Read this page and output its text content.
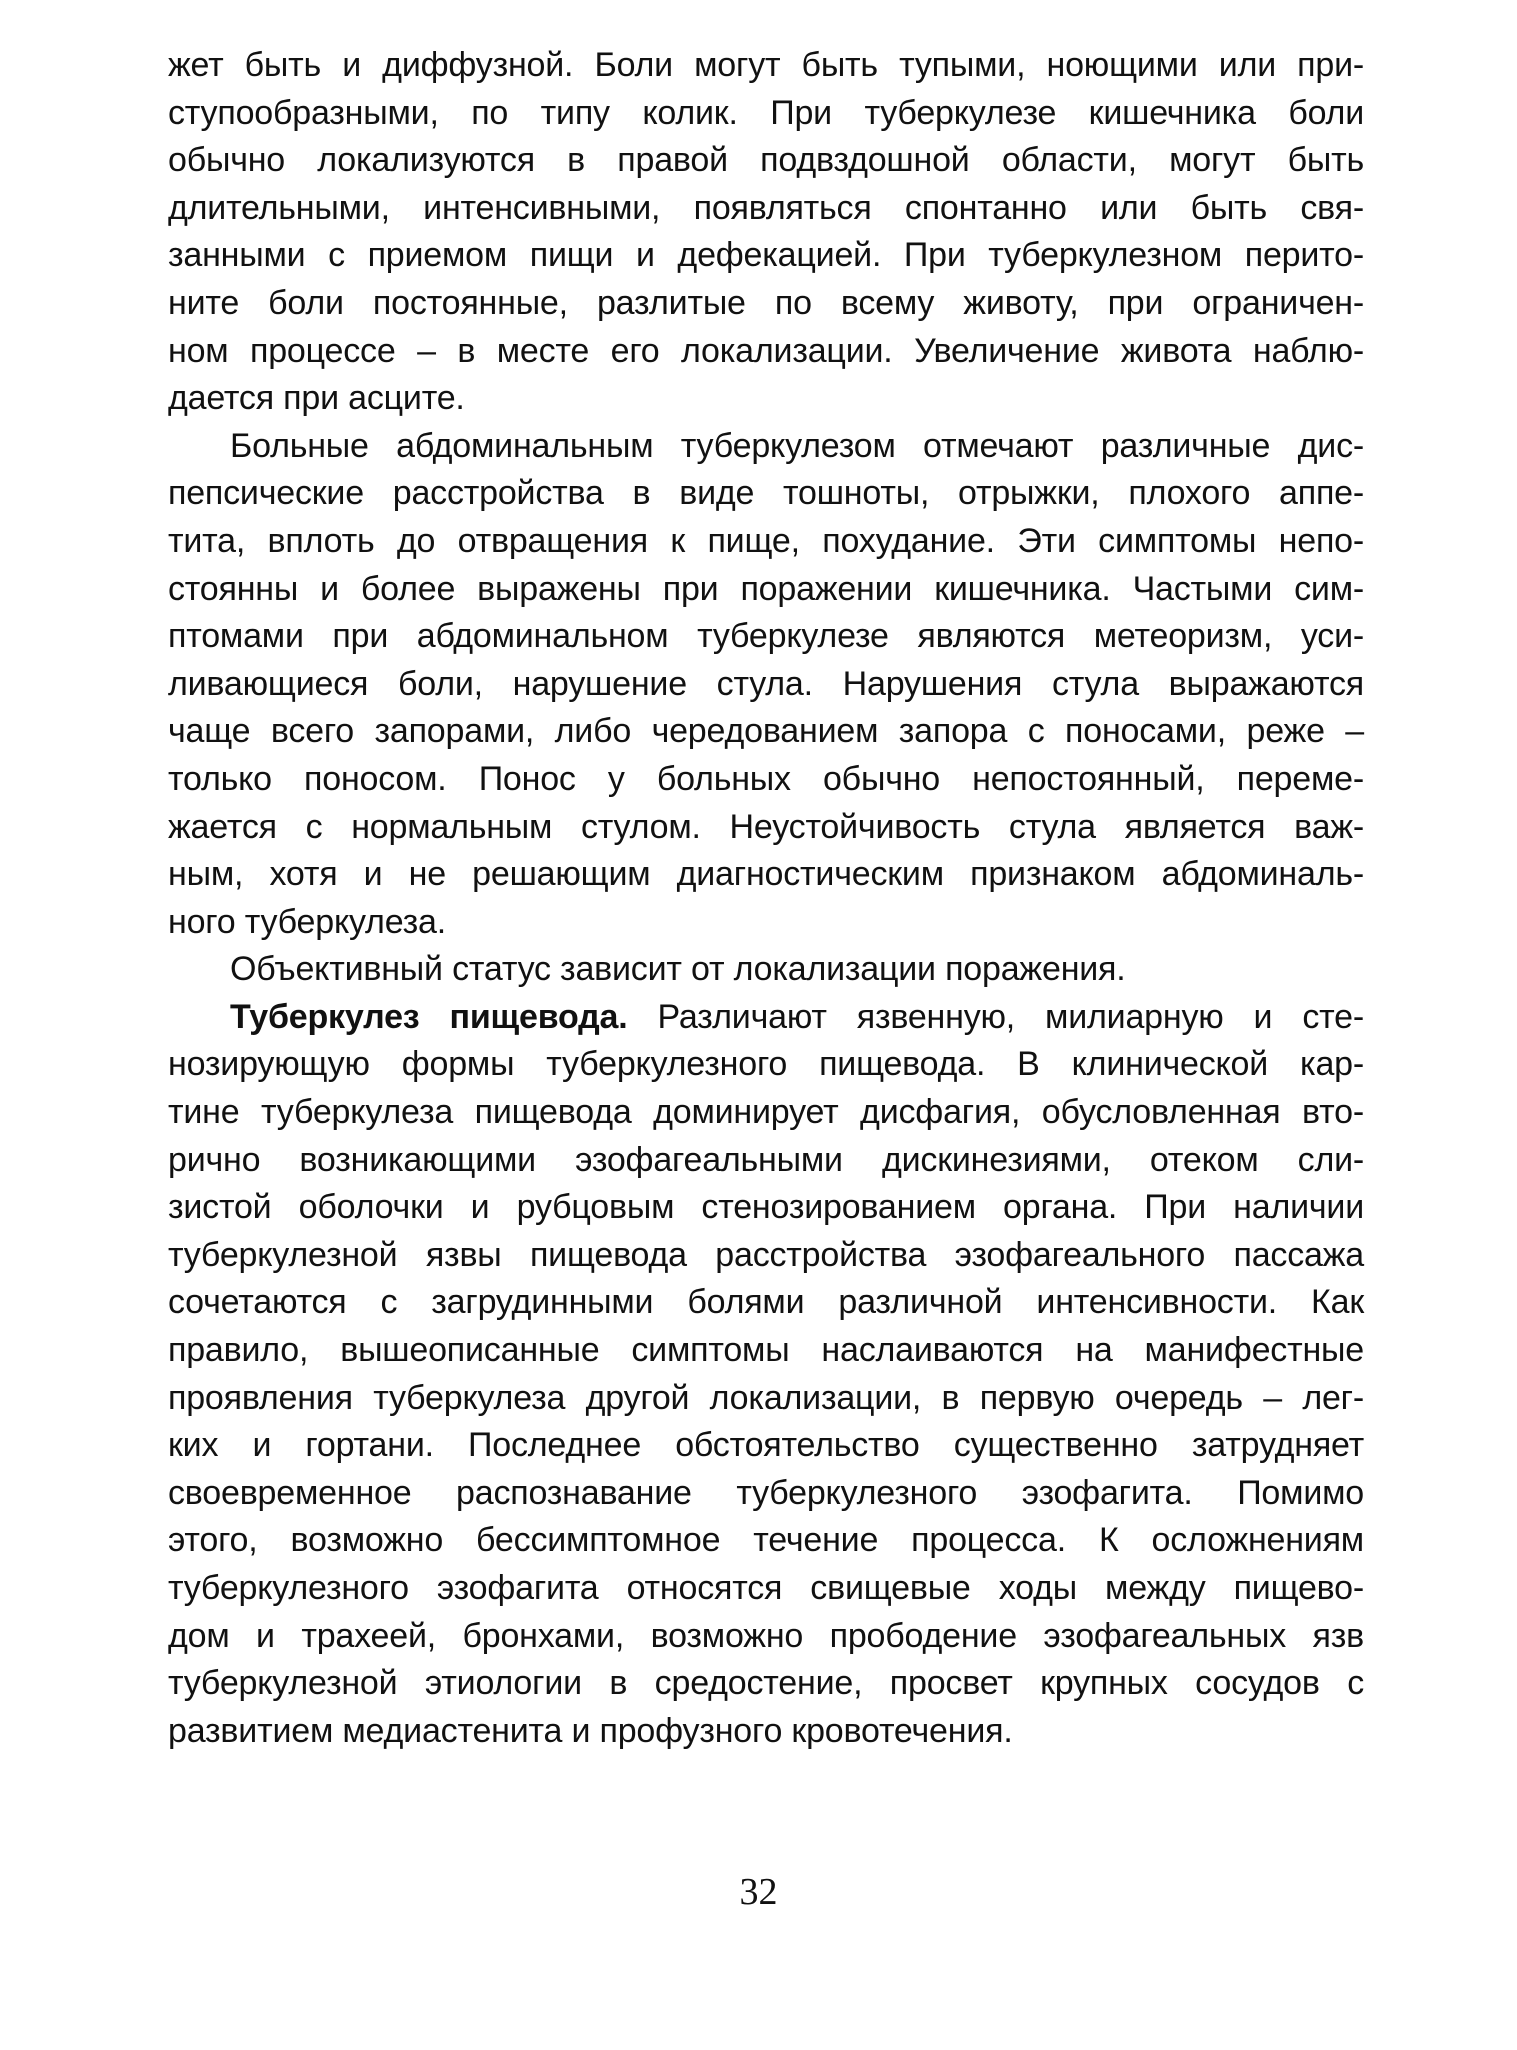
жет быть и диффузной. Боли могут быть тупыми, ноющими или при-
ступообразными, по типу колик. При туберкулезе кишечника боли
обычно локализуются в правой подвздошной области, могут быть
длительными, интенсивными, появляться спонтанно или быть свя-
занными с приемом пищи и дефекацией. При туберкулезном перито-
ните боли постоянные, разлитые по всему животу, при ограничен-
ном процессе – в месте его локализации. Увеличение живота наблю-
дается при асците.
Больные абдоминальным туберкулезом отмечают различные дис-
пепсические расстройства в виде тошноты, отрыжки, плохого аппе-
тита, вплоть до отвращения к пище, похудание. Эти симптомы непо-
стоянны и более выражены при поражении кишечника. Частыми сим-
птомами при абдоминальном туберкулезе являются метеоризм, уси-
ливающиеся боли, нарушение стула. Нарушения стула выражаются
чаще всего запорами, либо чередованием запора с поносами, реже –
только поносом. Понос у больных обычно непостоянный, переме-
жается с нормальным стулом. Неустойчивость стула является важ-
ным, хотя и не решающим диагностическим признаком абдоминаль-
ного туберкулеза.
Объективный статус зависит от локализации поражения.
Туберкулез пищевода. Различают язвенную, милиарную и сте-
нозирующую формы туберкулезного пищевода. В клинической кар-
тине туберкулеза пищевода доминирует дисфагия, обусловленная вто-
рично возникающими эзофагеальными дискинезиями, отеком сли-
зистой оболочки и рубцовым стенозированием органа. При наличии
туберкулезной язвы пищевода расстройства эзофагеального пассажа
сочетаются с загрудинными болями различной интенсивности. Как
правило, вышеописанные симптомы наслаиваются на манифестные
проявления туберкулеза другой локализации, в первую очередь – лег-
ких и гортани. Последнее обстоятельство существенно затрудняет
своевременное распознавание туберкулезного эзофагита. Помимо
этого, возможно бессимптомное течение процесса. К осложнениям
туберкулезного эзофагита относятся свищевые ходы между пищево-
дом и трахеей, бронхами, возможно прободение эзофагеальных язв
туберкулезной этиологии в средостение, просвет крупных сосудов с
развитием медиастенита и профузного кровотечения.
32
